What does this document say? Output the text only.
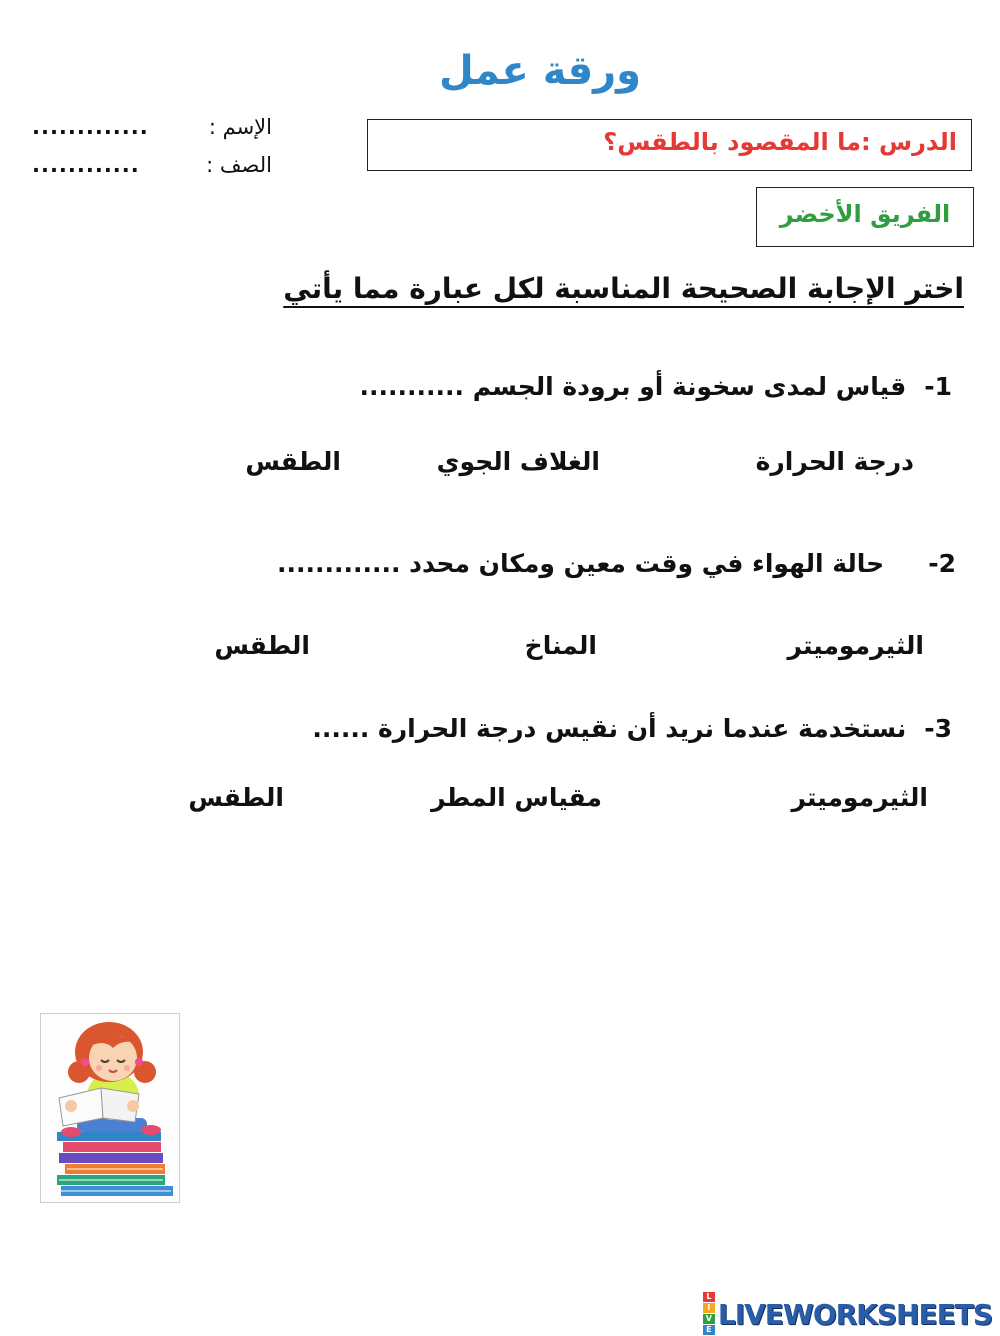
ورقة عمل
.............	الإسم :
............	الصف :
الدرس :ما المقصود بالطقس؟
الفريق الأخضر
اختر الإجابة الصحيحة المناسبة لكل عبارة مما يأتي
1-قياس لمدى سخونة أو برودة الجسم ...........
درجة الحرارة
الغلاف الجوي
الطقس
2-حالة الهواء في وقت معين ومكان محدد .............
الثيرموميتر
المناخ
الطقس
3-نستخدمة عندما نريد أن نقيس درجة الحرارة ......
الثيرموميتر
مقياس المطر
الطقس
L
I
V
E LIVEWORKSHEETS
